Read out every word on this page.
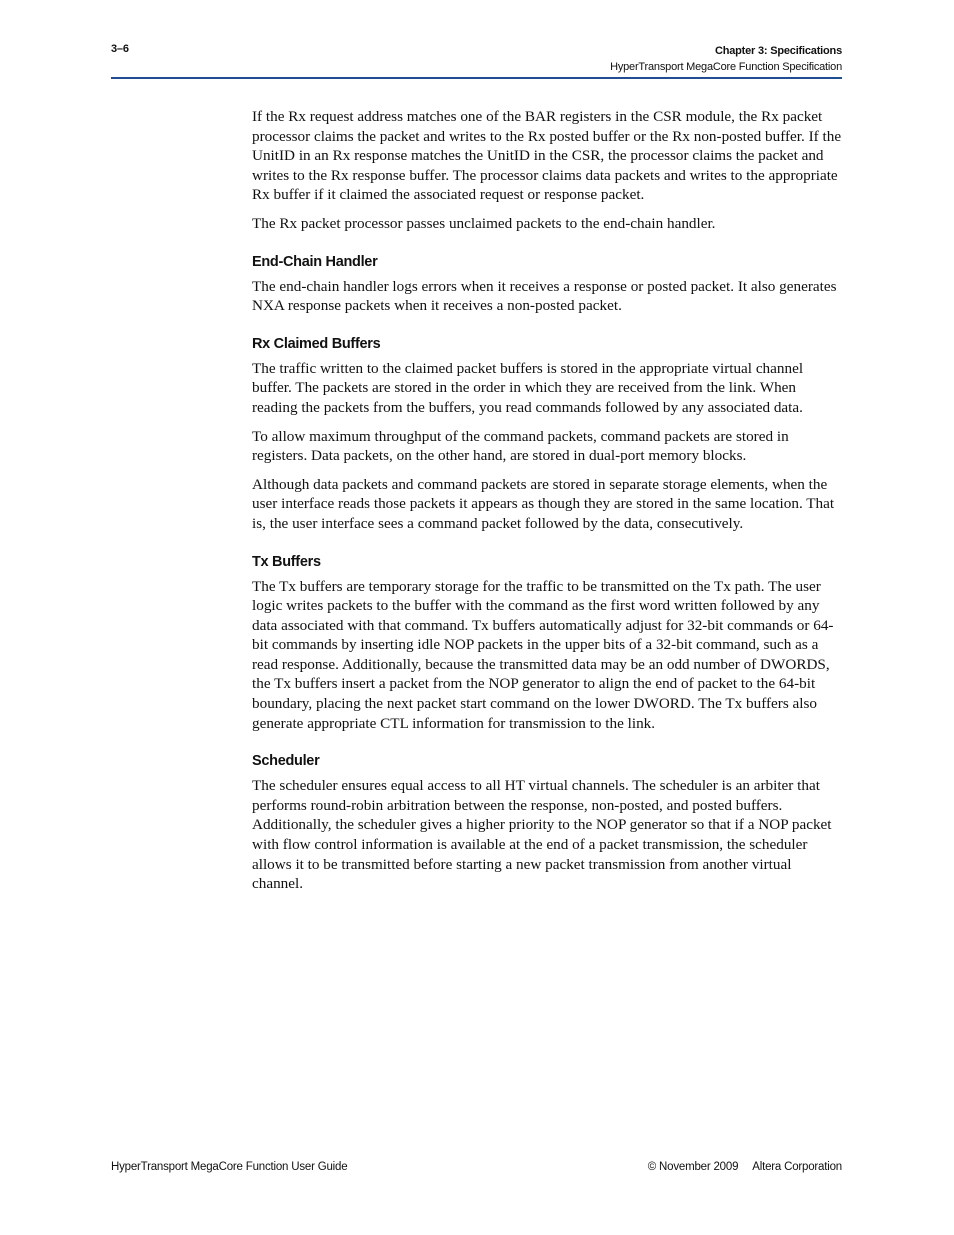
3–6	Chapter 3: Specifications
HyperTransport MegaCore Function Specification

If the Rx request address matches one of the BAR registers in the CSR module, the Rx packet processor claims the packet and writes to the Rx posted buffer or the Rx non-posted buffer. If the UnitID in an Rx response matches the UnitID in the CSR, the processor claims the packet and writes to the Rx response buffer. The processor claims data packets and writes to the appropriate Rx buffer if it claimed the associated request or response packet.

The Rx packet processor passes unclaimed packets to the end-chain handler.

End-Chain Handler

The end-chain handler logs errors when it receives a response or posted packet. It also generates NXA response packets when it receives a non-posted packet.

Rx Claimed Buffers

The traffic written to the claimed packet buffers is stored in the appropriate virtual channel buffer. The packets are stored in the order in which they are received from the link. When reading the packets from the buffers, you read commands followed by any associated data.

To allow maximum throughput of the command packets, command packets are stored in registers. Data packets, on the other hand, are stored in dual-port memory blocks.

Although data packets and command packets are stored in separate storage elements, when the user interface reads those packets it appears as though they are stored in the same location. That is, the user interface sees a command packet followed by the data, consecutively.

Tx Buffers

The Tx buffers are temporary storage for the traffic to be transmitted on the Tx path. The user logic writes packets to the buffer with the command as the first word written followed by any data associated with that command. Tx buffers automatically adjust for 32-bit commands or 64-bit commands by inserting idle NOP packets in the upper bits of a 32-bit command, such as a read response. Additionally, because the transmitted data may be an odd number of DWORDS, the Tx buffers insert a packet from the NOP generator to align the end of packet to the 64-bit boundary, placing the next packet start command on the lower DWORD. The Tx buffers also generate appropriate CTL information for transmission to the link.

Scheduler

The scheduler ensures equal access to all HT virtual channels. The scheduler is an arbiter that performs round-robin arbitration between the response, non-posted, and posted buffers. Additionally, the scheduler gives a higher priority to the NOP generator so that if a NOP packet with flow control information is available at the end of a packet transmission, the scheduler allows it to be transmitted before starting a new packet transmission from another virtual channel.

HyperTransport MegaCore Function User Guide	© November 2009 Altera Corporation
